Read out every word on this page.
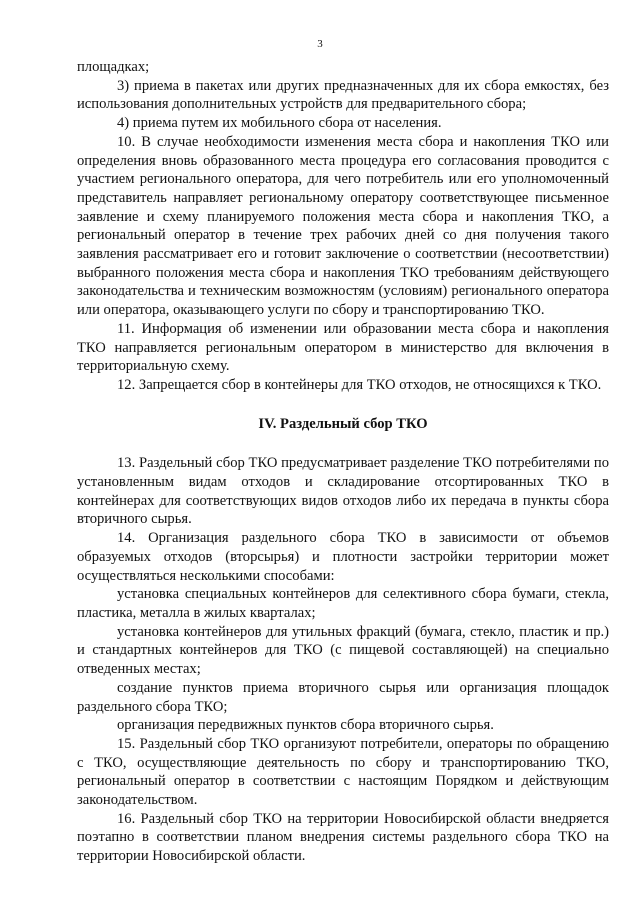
3

площадках;

3) приема в пакетах или других предназначенных для их сбора емкостях, без использования дополнительных устройств для предварительного сбора;

4) приема путем их мобильного сбора от населения.

10. В случае необходимости изменения места сбора и накопления ТКО или определения вновь образованного места процедура его согласования проводится с участием регионального оператора, для чего потребитель или его уполномоченный представитель направляет региональному оператору соответствующее письменное заявление и схему планируемого положения места сбора и накопления ТКО, а региональный оператор в течение трех рабочих дней со дня получения такого заявления рассматривает его и готовит заключение о соответствии (несоответствии) выбранного положения места сбора и накопления ТКО требованиям действующего законодательства и техническим возможностям (условиям) регионального оператора или оператора, оказывающего услуги по сбору и транспортированию ТКО.

11. Информация об изменении или образовании места сбора и накопления ТКО направляется региональным оператором в министерство для включения в территориальную схему.

12. Запрещается сбор в контейнеры для ТКО отходов, не относящихся к ТКО.

IV. Раздельный сбор ТКО

13. Раздельный сбор ТКО предусматривает разделение ТКО потребителями по установленным видам отходов и складирование отсортированных ТКО в контейнерах для соответствующих видов отходов либо их передача в пункты сбора вторичного сырья.

14. Организация раздельного сбора ТКО в зависимости от объемов образуемых отходов (вторсырья) и плотности застройки территории может осуществляться несколькими способами:

установка специальных контейнеров для селективного сбора бумаги, стекла, пластика, металла в жилых кварталах;

установка контейнеров для утильных фракций (бумага, стекло, пластик и пр.) и стандартных контейнеров для ТКО (с пищевой составляющей) на специально отведенных местах;

создание пунктов приема вторичного сырья или организация площадок раздельного сбора ТКО;

организация передвижных пунктов сбора вторичного сырья.

15. Раздельный сбор ТКО организуют потребители, операторы по обращению с ТКО, осуществляющие деятельность по сбору и транспортированию ТКО, региональный оператор в соответствии с настоящим Порядком и действующим законодательством.

16. Раздельный сбор ТКО на территории Новосибирской области внедряется поэтапно в соответствии планом внедрения системы раздельного сбора ТКО на территории Новосибирской области.
